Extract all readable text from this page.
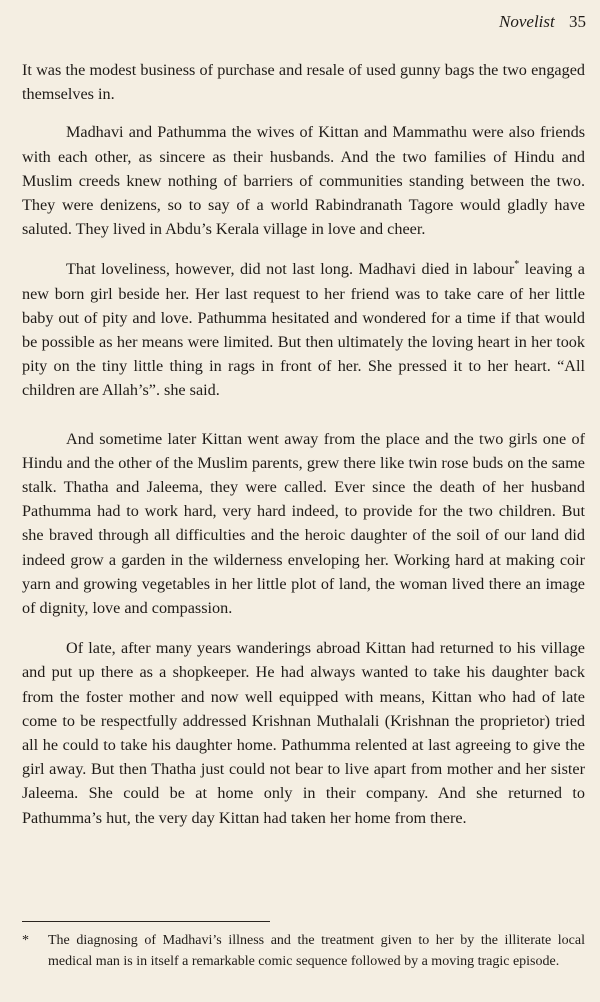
Novelist 35

It was the modest business of purchase and resale of used gunny bags the two engaged themselves in.

Madhavi and Pathumma the wives of Kittan and Mammathu were also friends with each other, as sincere as their husbands. And the two families of Hindu and Muslim creeds knew nothing of barriers of communities standing between the two. They were denizens, so to say of a world Rabindranath Tagore would gladly have saluted. They lived in Abdu’s Kerala village in love and cheer.

That loveliness, however, did not last long. Madhavi died in labour* leaving a new born girl beside her. Her last request to her friend was to take care of her little baby out of pity and love. Pathumma hesitated and wondered for a time if that would be possible as her means were limited. But then ultimately the loving heart in her took pity on the tiny little thing in rags in front of her. She pressed it to her heart. “All children are Allah’s”. she said.

And sometime later Kittan went away from the place and the two girls one of Hindu and the other of the Muslim parents, grew there like twin rose buds on the same stalk. Thatha and Jaleema, they were called. Ever since the death of her husband Pathumma had to work hard, very hard indeed, to provide for the two children. But she braved through all difficulties and the heroic daughter of the soil of our land did indeed grow a garden in the wilderness enveloping her. Working hard at making coir yarn and growing vegetables in her little plot of land, the woman lived there an image of dignity, love and compassion.

Of late, after many years wanderings abroad Kittan had returned to his village and put up there as a shopkeeper. He had always wanted to take his daughter back from the foster mother and now well equipped with means, Kittan who had of late come to be respectfully addressed Krishnan Muthalali (Krishnan the proprietor) tried all he could to take his daughter home. Pathumma relented at last agreeing to give the girl away. But then Thatha just could not bear to live apart from mother and her sister Jaleema. She could be at home only in their company. And she returned to Pathumma’s hut, the very day Kittan had taken her home from there.

*	The diagnosing of Madhavi’s illness and the treatment given to her by the illiterate local medical man is in itself a remarkable comic sequence followed by a moving tragic episode.
